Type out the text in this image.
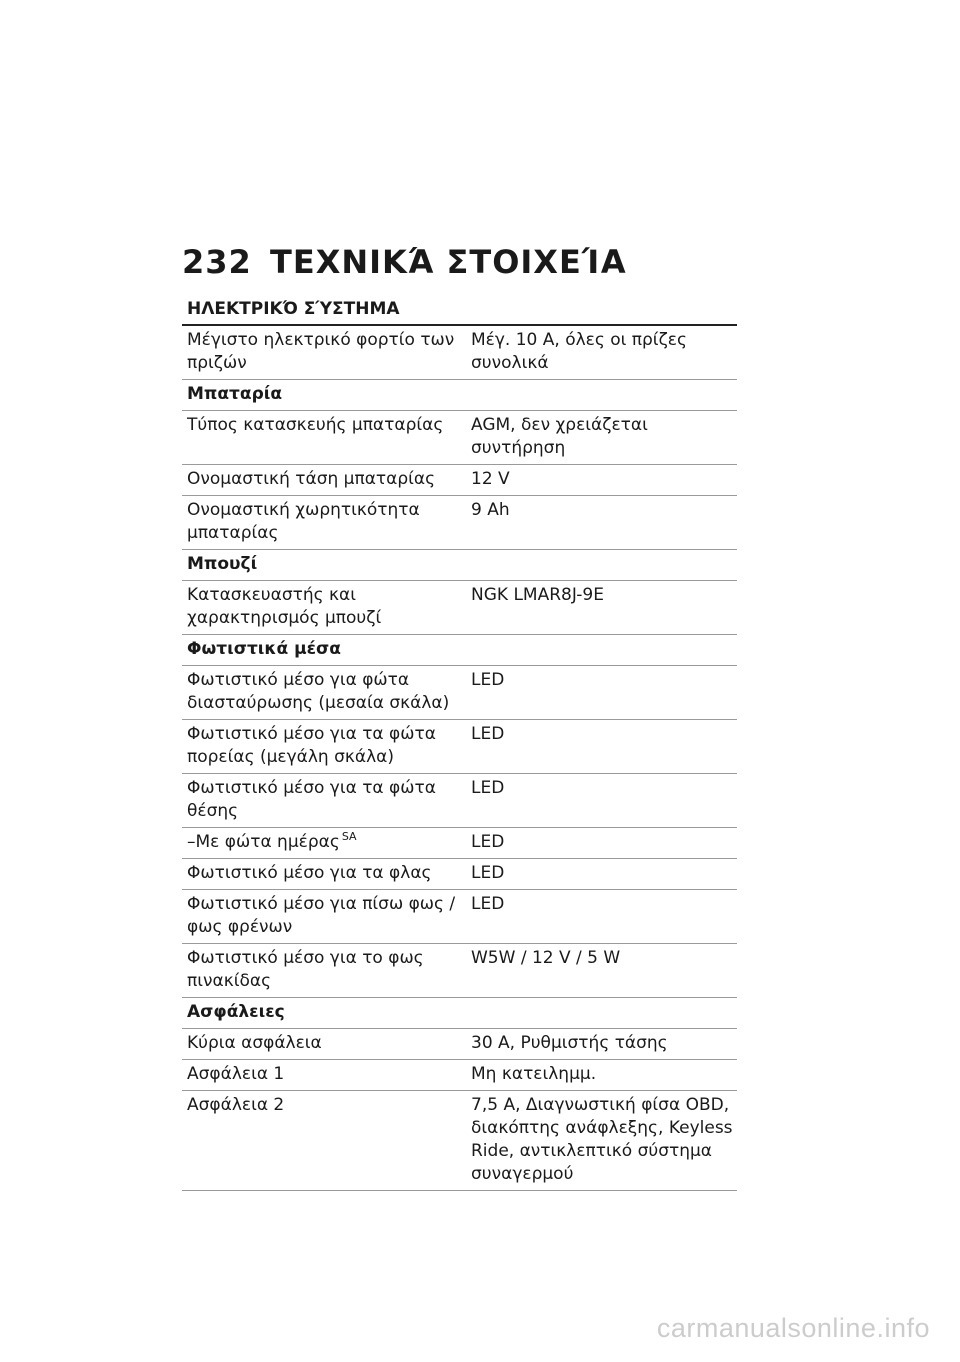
232 ΤΕΧΝΙΚΆ ΣΤΟΙΧΕΊΑ
ΗΛΕΚΤΡΙΚΌ ΣΎΣΤΗΜΑ
Μέγιστο ηλεκτρικό φορτίο των πριζών	Μέγ. 10 A, όλες οι πρίζες συνολικά
Μπαταρία	
Τύπος κατασκευής μπαταρίας	AGM, δεν χρειάζεται συντήρηση
Ονομαστική τάση μπαταρίας	12 V
Ονομαστική χωρητικότητα μπαταρίας	9 Ah
Μπουζί	
Κατασκευαστής και χαρακτηρισμός μπουζί	NGK LMAR8J-9E
Φωτιστικά μέσα	
Φωτιστικό μέσο για φώτα διασταύρωσης (μεσαία σκάλα)	LED
Φωτιστικό μέσο για τα φώτα πορείας (μεγάλη σκάλα)	LED
Φωτιστικό μέσο για τα φώτα θέσης	LED
–Με φώτα ημέρας $^{SA}$	LED
Φωτιστικό μέσο για τα φλας	LED
Φωτιστικό μέσο για πίσω φως / φως φρένων	LED
Φωτιστικό μέσο για το φως πινακίδας	W5W / 12 V / 5 W
Ασφάλειες	
Κύρια ασφάλεια	30 A, Ρυθμιστής τάσης
Ασφάλεια 1	Μη κατειλημμ.
Ασφάλεια 2	7,5 A, Διαγνωστική φίσα OBD, διακόπτης ανάφλεξης, Keyless Ride, αντικλεπτικό σύστημα συναγερμού
carmanualsonline.info
